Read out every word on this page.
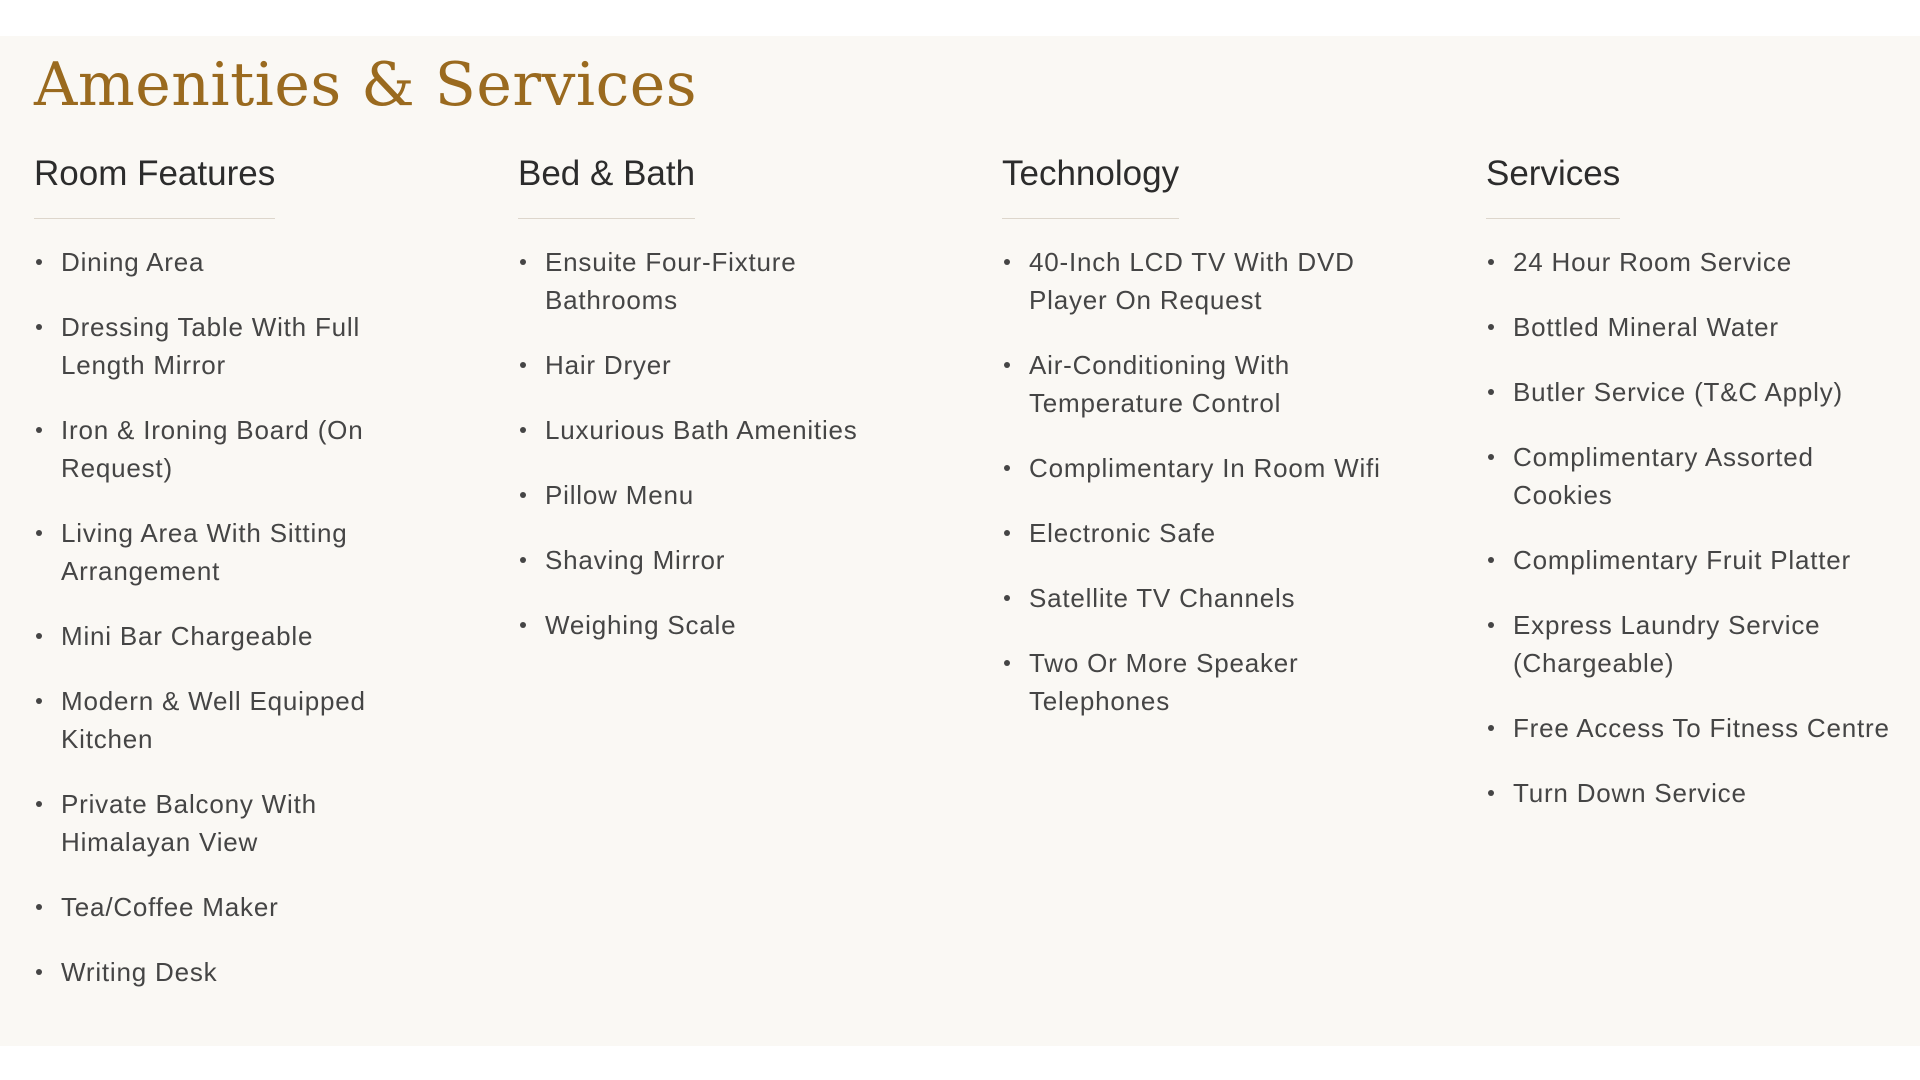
Amenities & Services
Room Features
Dining Area
Dressing Table With Full Length Mirror
Iron & Ironing Board (On Request)
Living Area With Sitting Arrangement
Mini Bar Chargeable
Modern & Well Equipped Kitchen
Private Balcony With Himalayan View
Tea/Coffee Maker
Writing Desk
Bed & Bath
Ensuite Four-Fixture Bathrooms
Hair Dryer
Luxurious Bath Amenities
Pillow Menu
Shaving Mirror
Weighing Scale
Technology
40-Inch LCD TV With DVD Player On Request
Air-Conditioning With Temperature Control
Complimentary In Room Wifi
Electronic Safe
Satellite TV Channels
Two Or More Speaker Telephones
Services
24 Hour Room Service
Bottled Mineral Water
Butler Service (T&C Apply)
Complimentary Assorted Cookies
Complimentary Fruit Platter
Express Laundry Service (Chargeable)
Free Access To Fitness Centre
Turn Down Service
